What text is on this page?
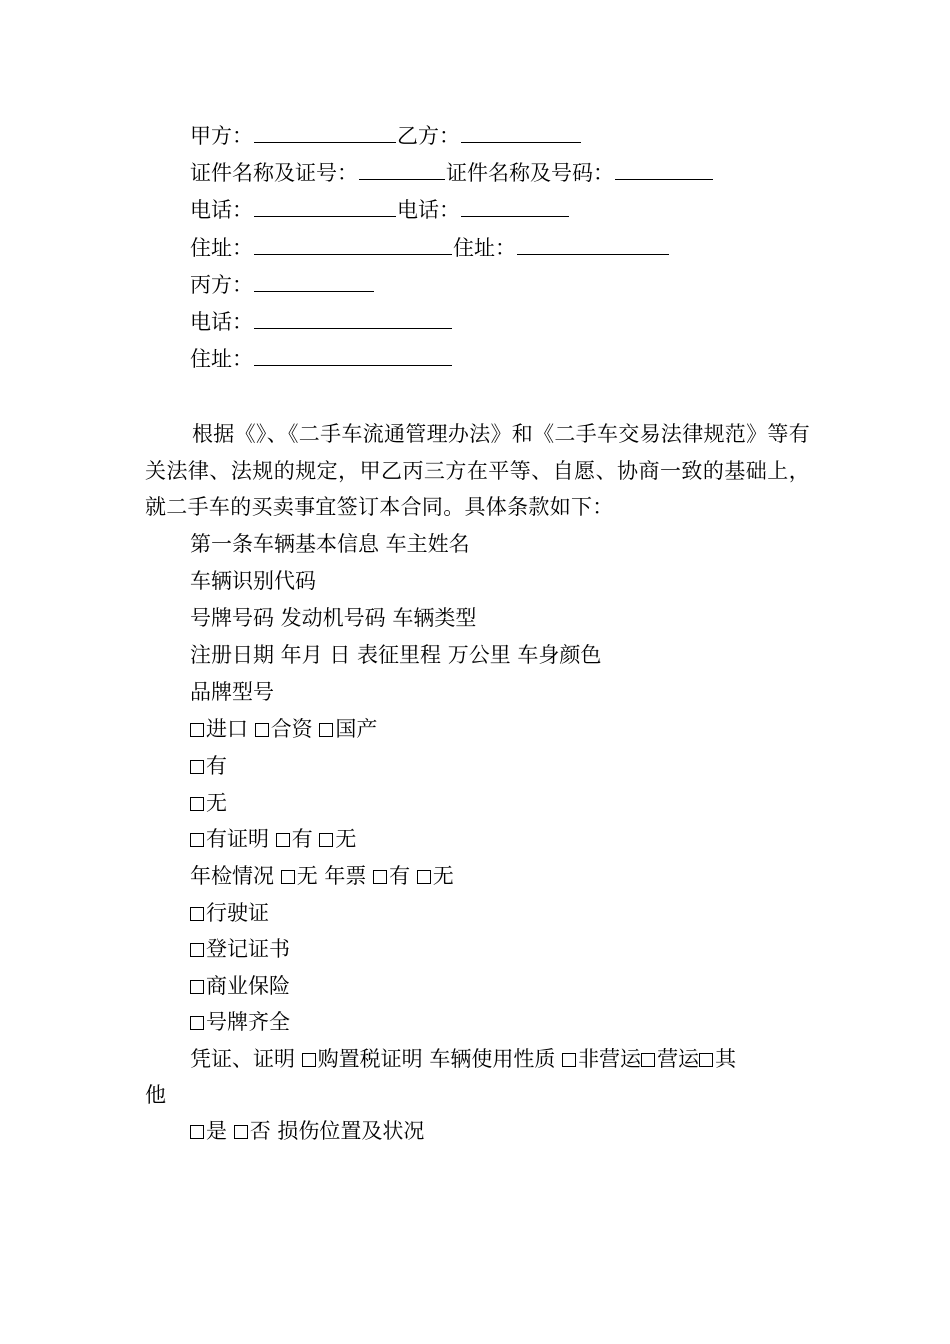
甲方：	乙方：
证件名称及证号：	证件名称及号码：
电话：	电话：
住址：	住址：
丙方：
电话：
住址：
根据《》、《二手车流通管理办法》和《二手车交易法律规范》等有关法律、法规的规定，甲乙丙三方在平等、自愿、协商一致的基础上，就二手车的买卖事宜签订本合同。具体条款如下：
第一条车辆基本信息 车主姓名
车辆识别代码
号牌号码 发动机号码 车辆类型
注册日期 年月 日 表征里程 万公里 车身颜色
品牌型号
进口 合资 国产
有
无
有证明 有 无
年检情况 无 年票 有 无
行驶证
登记证书
商业保险
号牌齐全
凭证、证明 购置税证明 车辆使用性质 非营运 营运 其
他
是 否 损伤位置及状况
